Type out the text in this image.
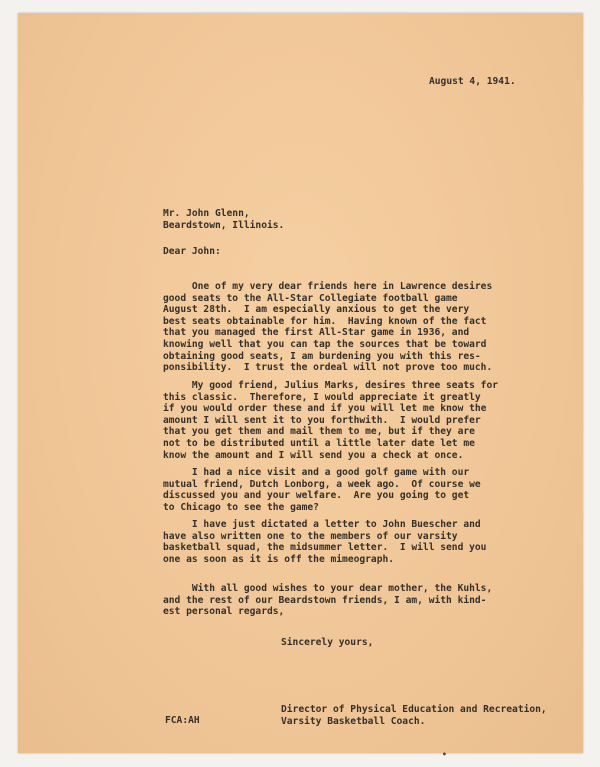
August 4, 1941.
Mr. John Glenn,
Beardstown, Illinois.
Dear John:
One of my very dear friends here in Lawrence desires
good seats to the All-Star Collegiate football game
August 28th.  I am especially anxious to get the very
best seats obtainable for him.  Having known of the fact
that you managed the first All-Star game in 1936, and
knowing well that you can tap the sources that be toward
obtaining good seats, I am burdening you with this res-
ponsibility.  I trust the ordeal will not prove too much.
My good friend, Julius Marks, desires three seats for
this classic.  Therefore, I would appreciate it greatly
if you would order these and if you will let me know the
amount I will sent it to you forthwith.  I would prefer
that you get them and mail them to me, but if they are
not to be distributed until a little later date let me
know the amount and I will send you a check at once.
I had a nice visit and a good golf game with our
mutual friend, Dutch Lonborg, a week ago.  Of course we
discussed you and your welfare.  Are you going to get
to Chicago to see the game?
I have just dictated a letter to John Buescher and
have also written one to the members of our varsity
basketball squad, the midsummer letter.  I will send you
one as soon as it is off the mimeograph.
With all good wishes to your dear mother, the Kuhls,
and the rest of our Beardstown friends, I am, with kind-
est personal regards,
Sincerely yours,
Director of Physical Education and Recreation,
Varsity Basketball Coach.
FCA:AH
•
